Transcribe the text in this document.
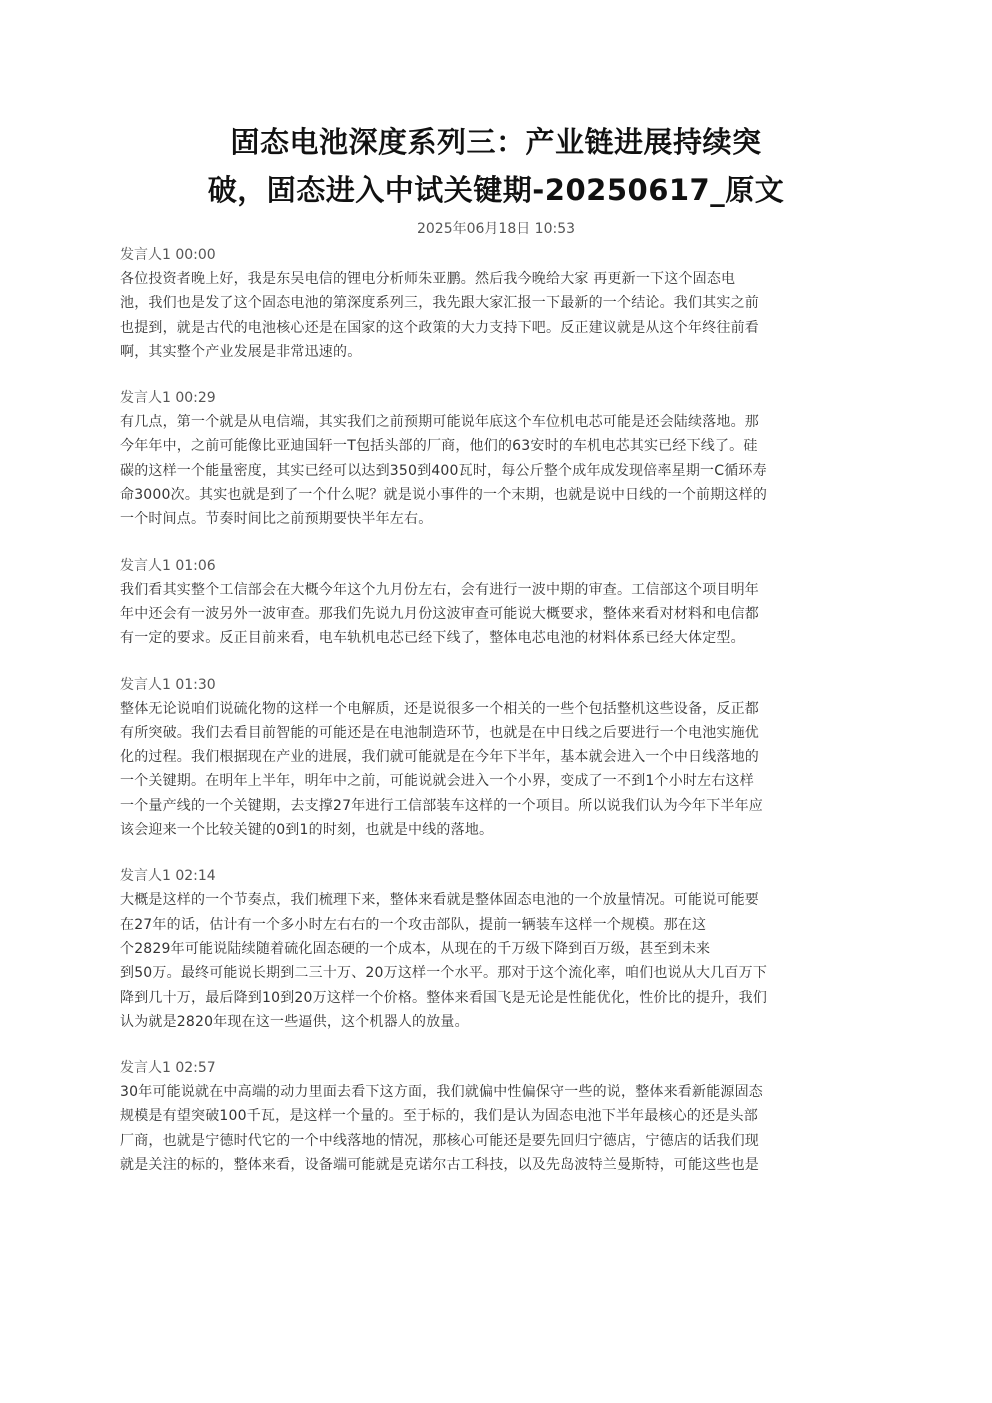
固态电池深度系列三：产业链进展持续突
破，固态进入中试关键期-20250617_原文
2025年06月18日 10:53
发言人1 00:00
各位投资者晚上好，我是东吴电信的锂电分析师朱亚鹏。然后我今晚给大家 再更新一下这个固态电
池，我们也是发了这个固态电池的第深度系列三，我先跟大家汇报一下最新的一个结论。我们其实之前
也提到，就是古代的电池核心还是在国家的这个政策的大力支持下吧。反正建议就是从这个年终往前看
啊，其实整个产业发展是非常迅速的。
发言人1 00:29
有几点，第一个就是从电信端，其实我们之前预期可能说年底这个车位机电芯可能是还会陆续落地。那
今年年中，之前可能像比亚迪国轩一T包括头部的厂商，他们的63安时的车机电芯其实已经下线了。硅
碳的这样一个能量密度，其实已经可以达到350到400瓦时，每公斤整个成年成发现倍率星期一C循环寿
命3000次。其实也就是到了一个什么呢？就是说小事件的一个末期，也就是说中日线的一个前期这样的
一个时间点。节奏时间比之前预期要快半年左右。
发言人1 01:06
我们看其实整个工信部会在大概今年这个九月份左右，会有进行一波中期的审查。工信部这个项目明年
年中还会有一波另外一波审查。那我们先说九月份这波审查可能说大概要求，整体来看对材料和电信都
有一定的要求。反正目前来看，电车轨机电芯已经下线了，整体电芯电池的材料体系已经大体定型。
发言人1 01:30
整体无论说咱们说硫化物的这样一个电解质，还是说很多一个相关的一些个包括整机这些设备，反正都
有所突破。我们去看目前智能的可能还是在电池制造环节，也就是在中日线之后要进行一个电池实施优
化的过程。我们根据现在产业的进展，我们就可能就是在今年下半年，基本就会进入一个中日线落地的
一个关键期。在明年上半年，明年中之前，可能说就会进入一个小界，变成了一不到1个小时左右这样
一个量产线的一个关键期，去支撑27年进行工信部装车这样的一个项目。所以说我们认为今年下半年应
该会迎来一个比较关键的0到1的时刻，也就是中线的落地。
发言人1 02:14
大概是这样的一个节奏点，我们梳理下来，整体来看就是整体固态电池的一个放量情况。可能说可能要
在27年的话，估计有一个多小时左右右的一个攻击部队，提前一辆装车这样一个规模。那在这
个2829年可能说陆续随着硫化固态硬的一个成本，从现在的千万级下降到百万级，甚至到未来
到50万。最终可能说长期到二三十万、20万这样一个水平。那对于这个流化率，咱们也说从大几百万下
降到几十万，最后降到10到20万这样一个价格。整体来看国飞是无论是性能优化，性价比的提升，我们
认为就是2820年现在这一些逼供，这个机器人的放量。
发言人1 02:57
30年可能说就在中高端的动力里面去看下这方面，我们就偏中性偏保守一些的说，整体来看新能源固态
规模是有望突破100千瓦，是这样一个量的。至于标的，我们是认为固态电池下半年最核心的还是头部
厂商，也就是宁德时代它的一个中线落地的情况，那核心可能还是要先回归宁德店，宁德店的话我们现
就是关注的标的，整体来看，设备端可能就是克诺尔古工科技，以及先岛波特兰曼斯特，可能这些也是
